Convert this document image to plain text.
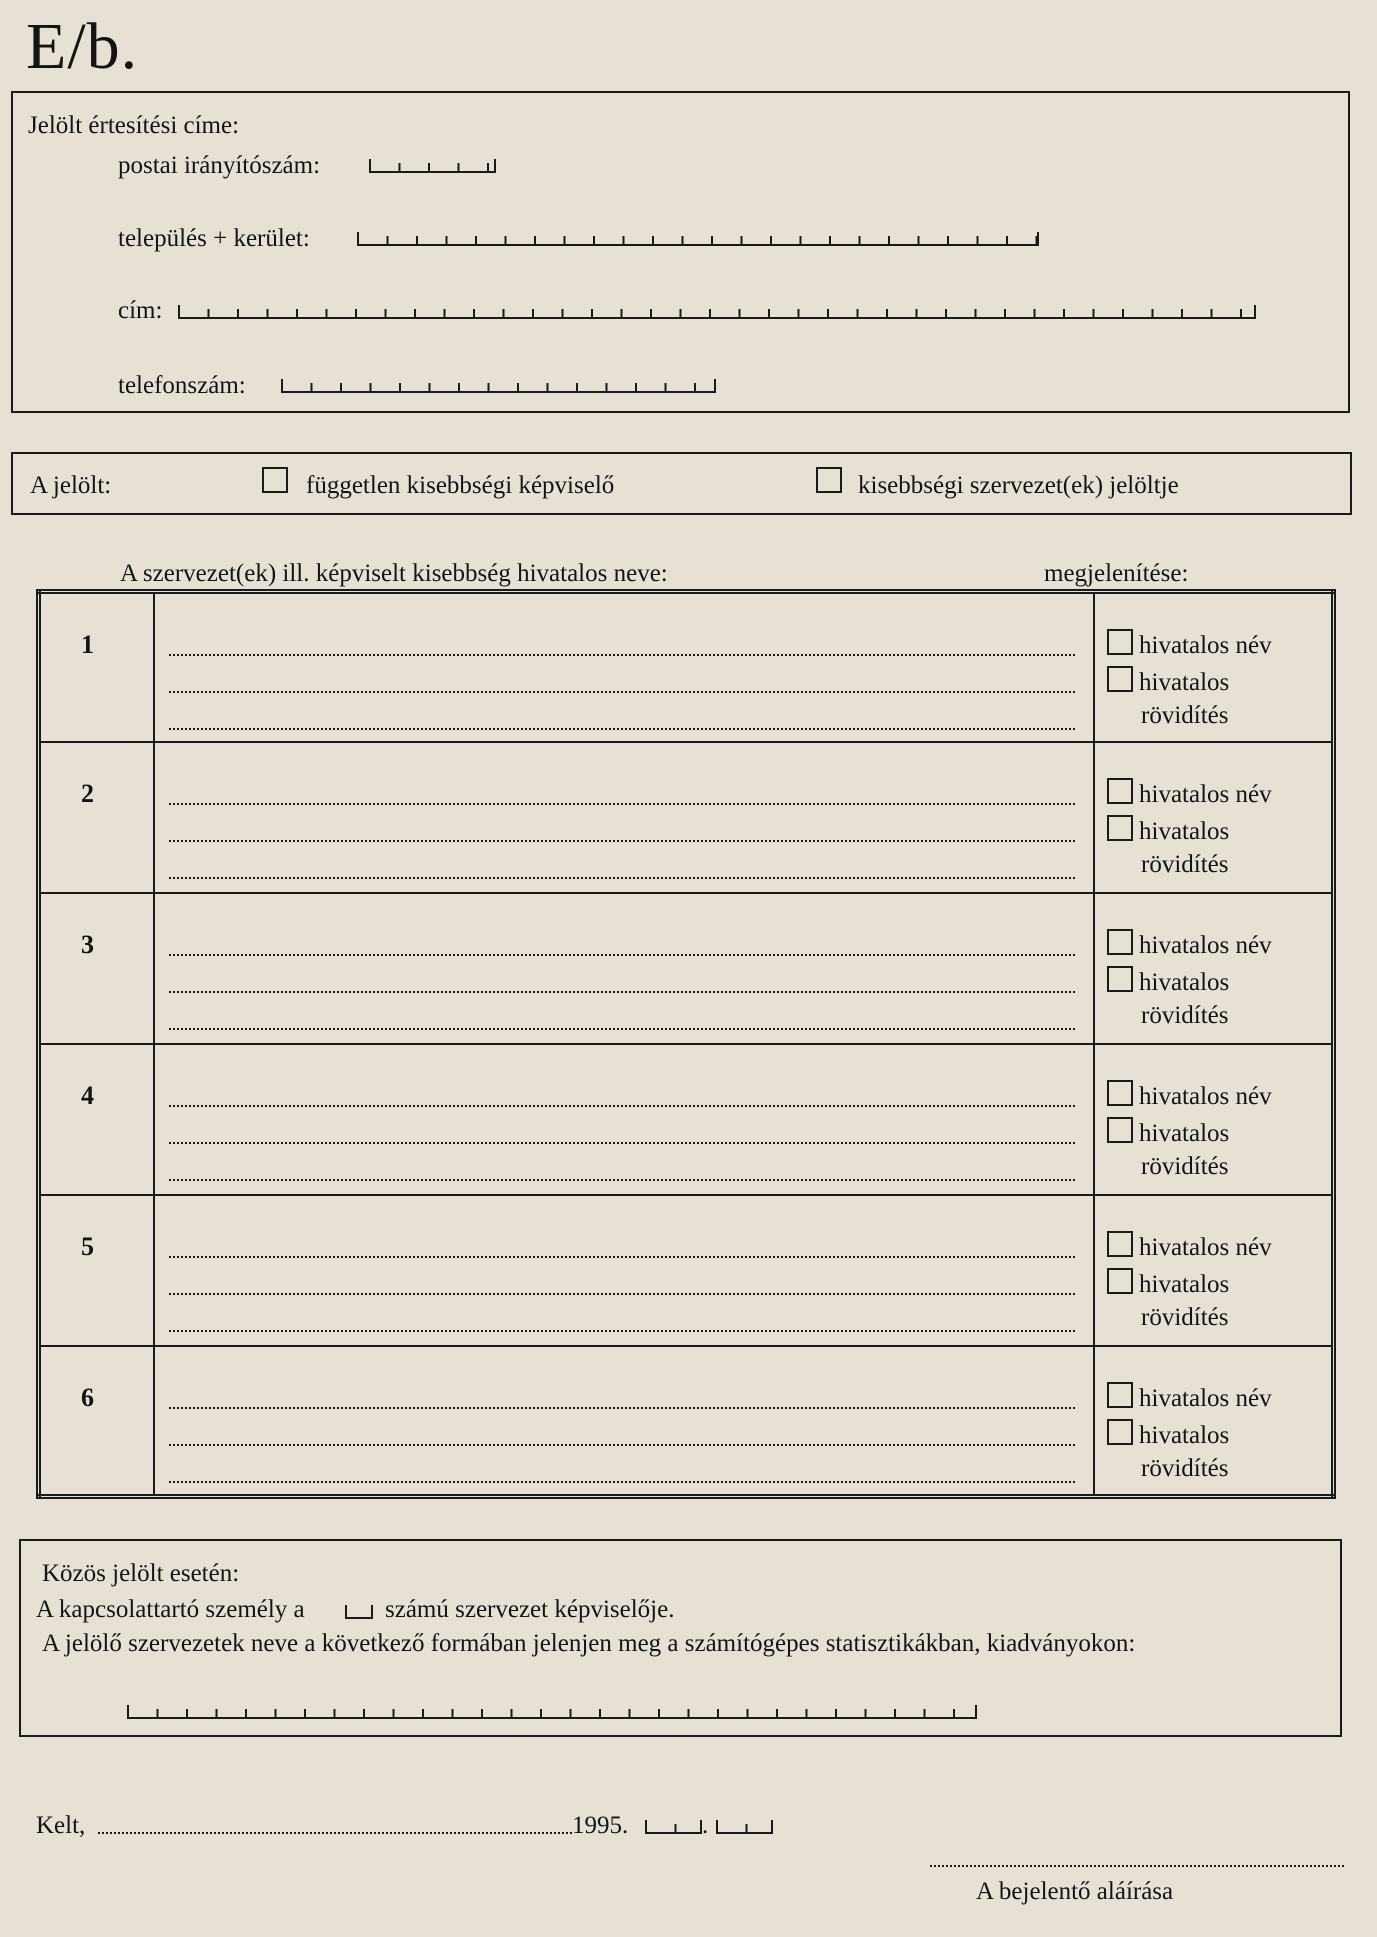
E/b.
Jelölt értesítési címe:
postai irányítószám:
település + kerület:
cím:
telefonszám:
A jelölt:	független kisebbségi képviselő	kisebbségi szervezet(ek) jelöltje
A szervezet(ek) ill. képviselt kisebbség hivatalos neve:	megjelenítése:
1		hivatalos név
hivatalos
rövidítés

2		hivatalos név
hivatalos
rövidítés

3		hivatalos név
hivatalos
rövidítés

4		hivatalos név
hivatalos
rövidítés

5		hivatalos név
hivatalos
rövidítés

6		hivatalos név
hivatalos
rövidítés
Közös jelölt esetén:
A kapcsolattartó személy a	számú szervezet képviselője.
A jelölő szervezetek neve a következő formában jelenjen meg a számítógépes statisztikákban, kiadványokon:
Kelt,	1995.	.
A bejelentő aláírása
